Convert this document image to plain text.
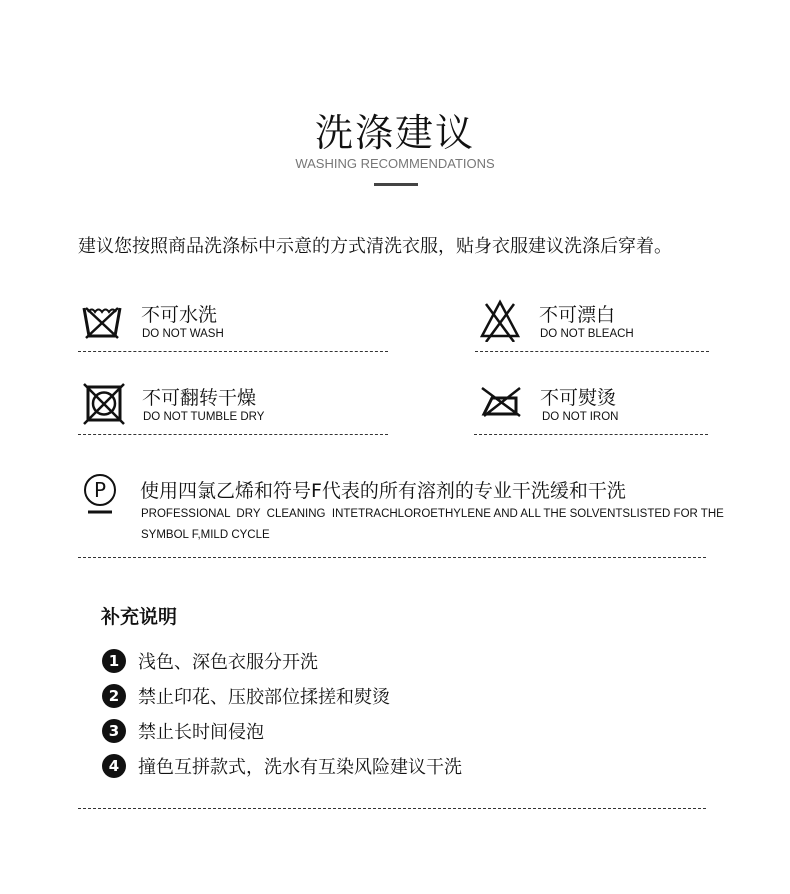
洗涤建议
WASHING RECOMMENDATIONS
建议您按照商品洗涤标中示意的方式清洗衣服，贴身衣服建议洗涤后穿着。
不可水洗
DO NOT WASH
不可漂白
DO NOT BLEACH
不可翻转干燥
DO NOT TUMBLE DRY
不可熨烫
DO NOT IRON
P 使用四氯乙烯和符号F代表的所有溶剂的专业干洗缓和干洗
PROFESSIONAL  DRY  CLEANING  INTETRACHLOROETHYLENE AND ALL THE SOLVENTSLISTED FOR THE
SYMBOL F,MILD CYCLE
补充说明
1	浅色、深色衣服分开洗
2	禁止印花、压胶部位揉搓和熨烫
3	禁止长时间侵泡
4	撞色互拼款式，洗水有互染风险建议干洗
